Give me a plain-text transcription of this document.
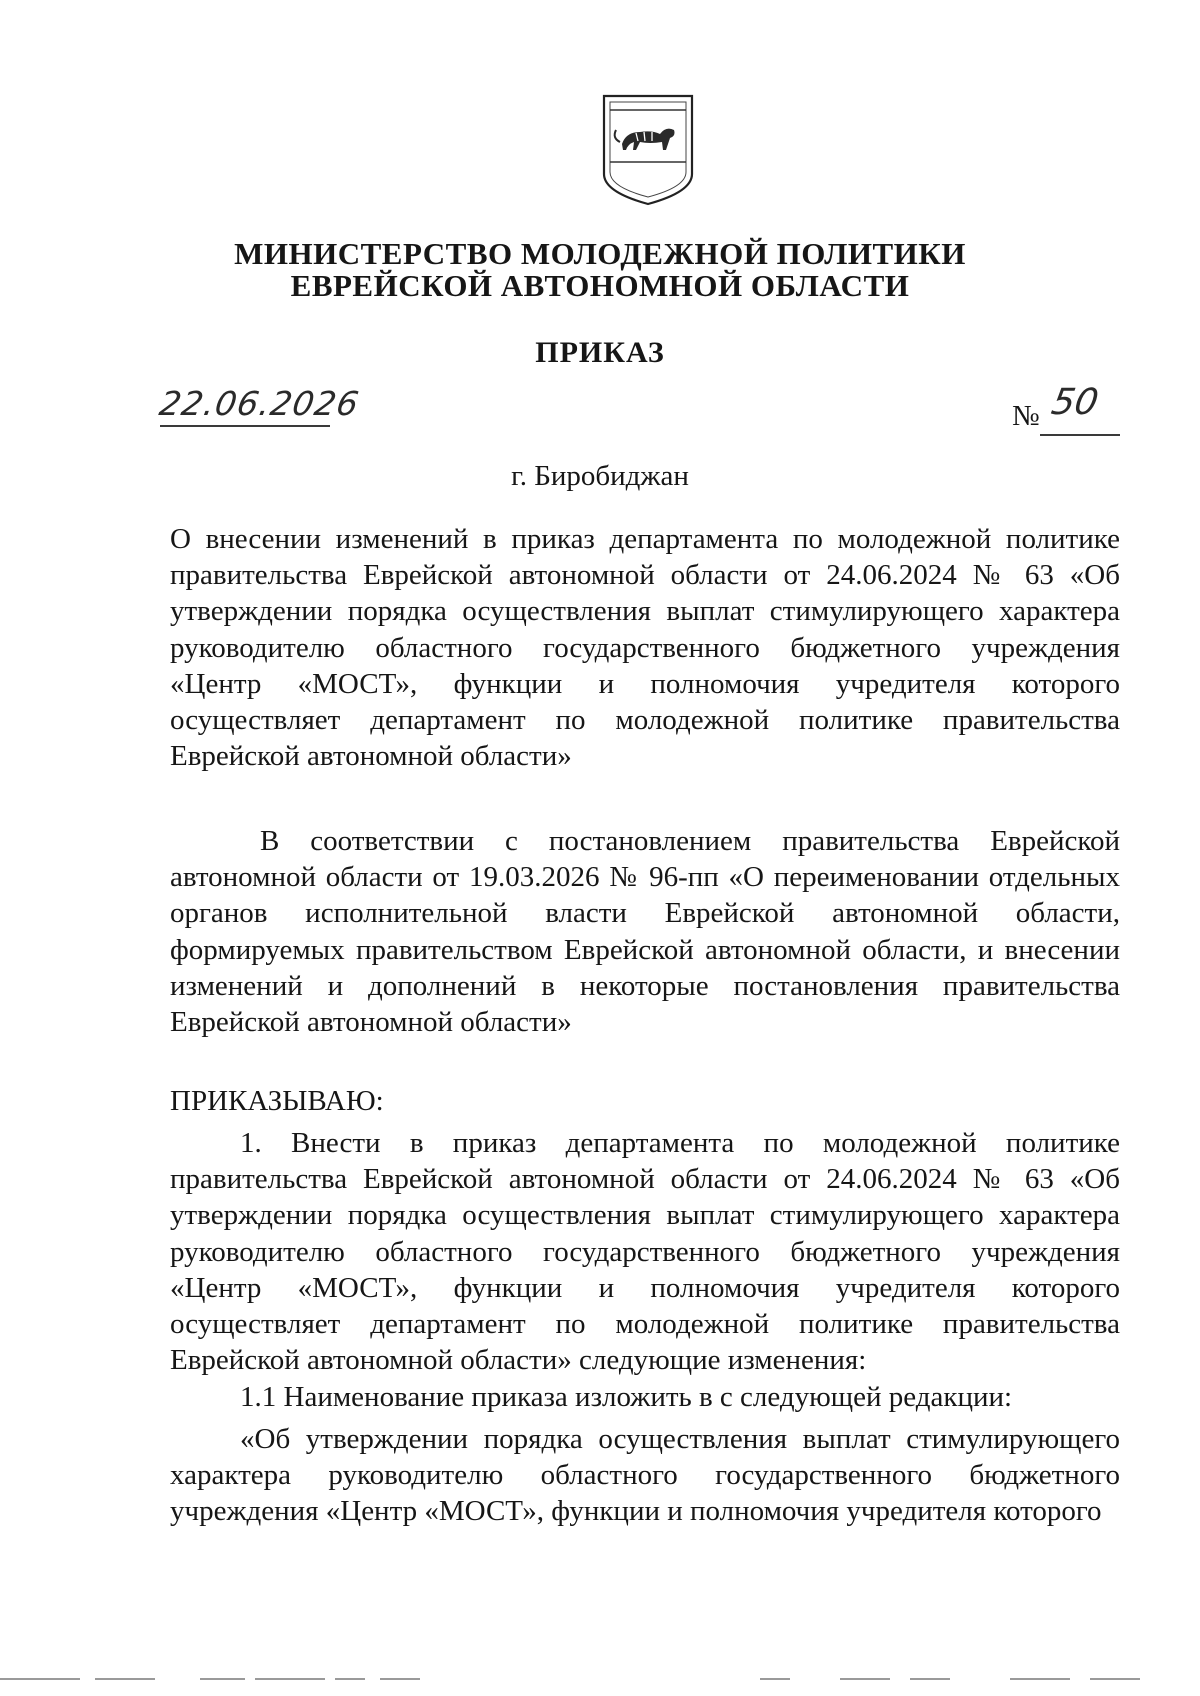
МИНИСТЕРСТВО МОЛОДЕЖНОЙ ПОЛИТИКИ
ЕВРЕЙСКОЙ АВТОНОМНОЙ ОБЛАСТИ
ПРИКАЗ
22.06.2026	№ 50
г. Биробиджан
О внесении изменений в приказ департамента по молодежной политике правительства Еврейской автономной области от 24.06.2024 № 63 «Об утверждении порядка осуществления выплат стимулирующего характера руководителю областного государственного бюджетного учреждения «Центр «МОСТ», функции и полномочия учредителя которого осуществляет департамент по молодежной политике правительства Еврейской автономной области»
В соответствии с постановлением правительства Еврейской автономной области от 19.03.2026 № 96-пп «О переименовании отдельных органов исполнительной власти Еврейской автономной области, формируемых правительством Еврейской автономной области, и внесении изменений и дополнений в некоторые постановления правительства Еврейской автономной области»
ПРИКАЗЫВАЮ:
1. Внести в приказ департамента по молодежной политике правительства Еврейской автономной области от 24.06.2024 № 63 «Об утверждении порядка осуществления выплат стимулирующего характера руководителю областного государственного бюджетного учреждения «Центр «МОСТ», функции и полномочия учредителя которого осуществляет департамент по молодежной политике правительства Еврейской автономной области» следующие изменения:
1.1 Наименование приказа изложить в с следующей редакции:
«Об утверждении порядка осуществления выплат стимулирующего характера руководителю областного государственного бюджетного учреждения «Центр «МОСТ», функции и полномочия учредителя которого
